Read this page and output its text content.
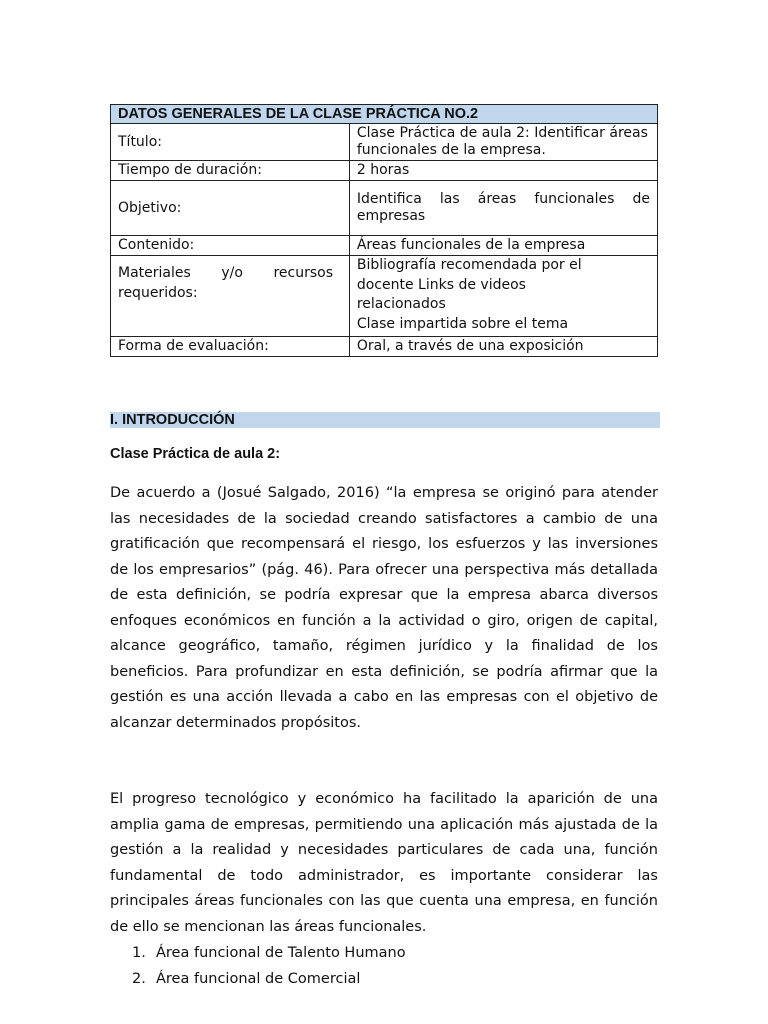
DATOS GENERALES DE LA CLASE PRÁCTICA NO.2	
Título:	Clase Práctica de aula 2: Identificar áreas
funcionales de la empresa.

Tiempo de duración:	2 horas
Objetivo:	Identifica las áreas funcionales de
empresas

Contenido:	Áreas funcionales de la empresa

Materiales y/o recursos requeridos:	Bibliografía recomendada por el
docente Links de videos
relacionados
Clase impartida sobre el tema

Forma de evaluación:	Oral, a través de una exposición
I. INTRODUCCIÓN
Clase Práctica de aula 2:

De acuerdo a (Josué Salgado, 2016) “la empresa se originó para atender las necesidades de la sociedad creando satisfactores a cambio de una gratificación que recompensará el riesgo, los esfuerzos y las inversiones de los empresarios” (pág. 46). Para ofrecer una perspectiva más detallada de esta definición, se podría expresar que la empresa abarca diversos enfoques económicos en función a la actividad o giro, origen de capital, alcance geográfico, tamaño, régimen jurídico y la finalidad de los beneficios. Para profundizar en esta definición, se podría afirmar que la gestión es una acción llevada a cabo en las empresas con el objetivo de alcanzar determinados propósitos.

El progreso tecnológico y económico ha facilitado la aparición de una amplia gama de empresas, permitiendo una aplicación más ajustada de la gestión a la realidad y necesidades particulares de cada una, función fundamental de todo administrador, es importante considerar las principales áreas funcionales con las que cuenta una empresa, en función de ello se mencionan las áreas funcionales.

1. Área funcional de Talento Humano
2. Área funcional de Comercial
